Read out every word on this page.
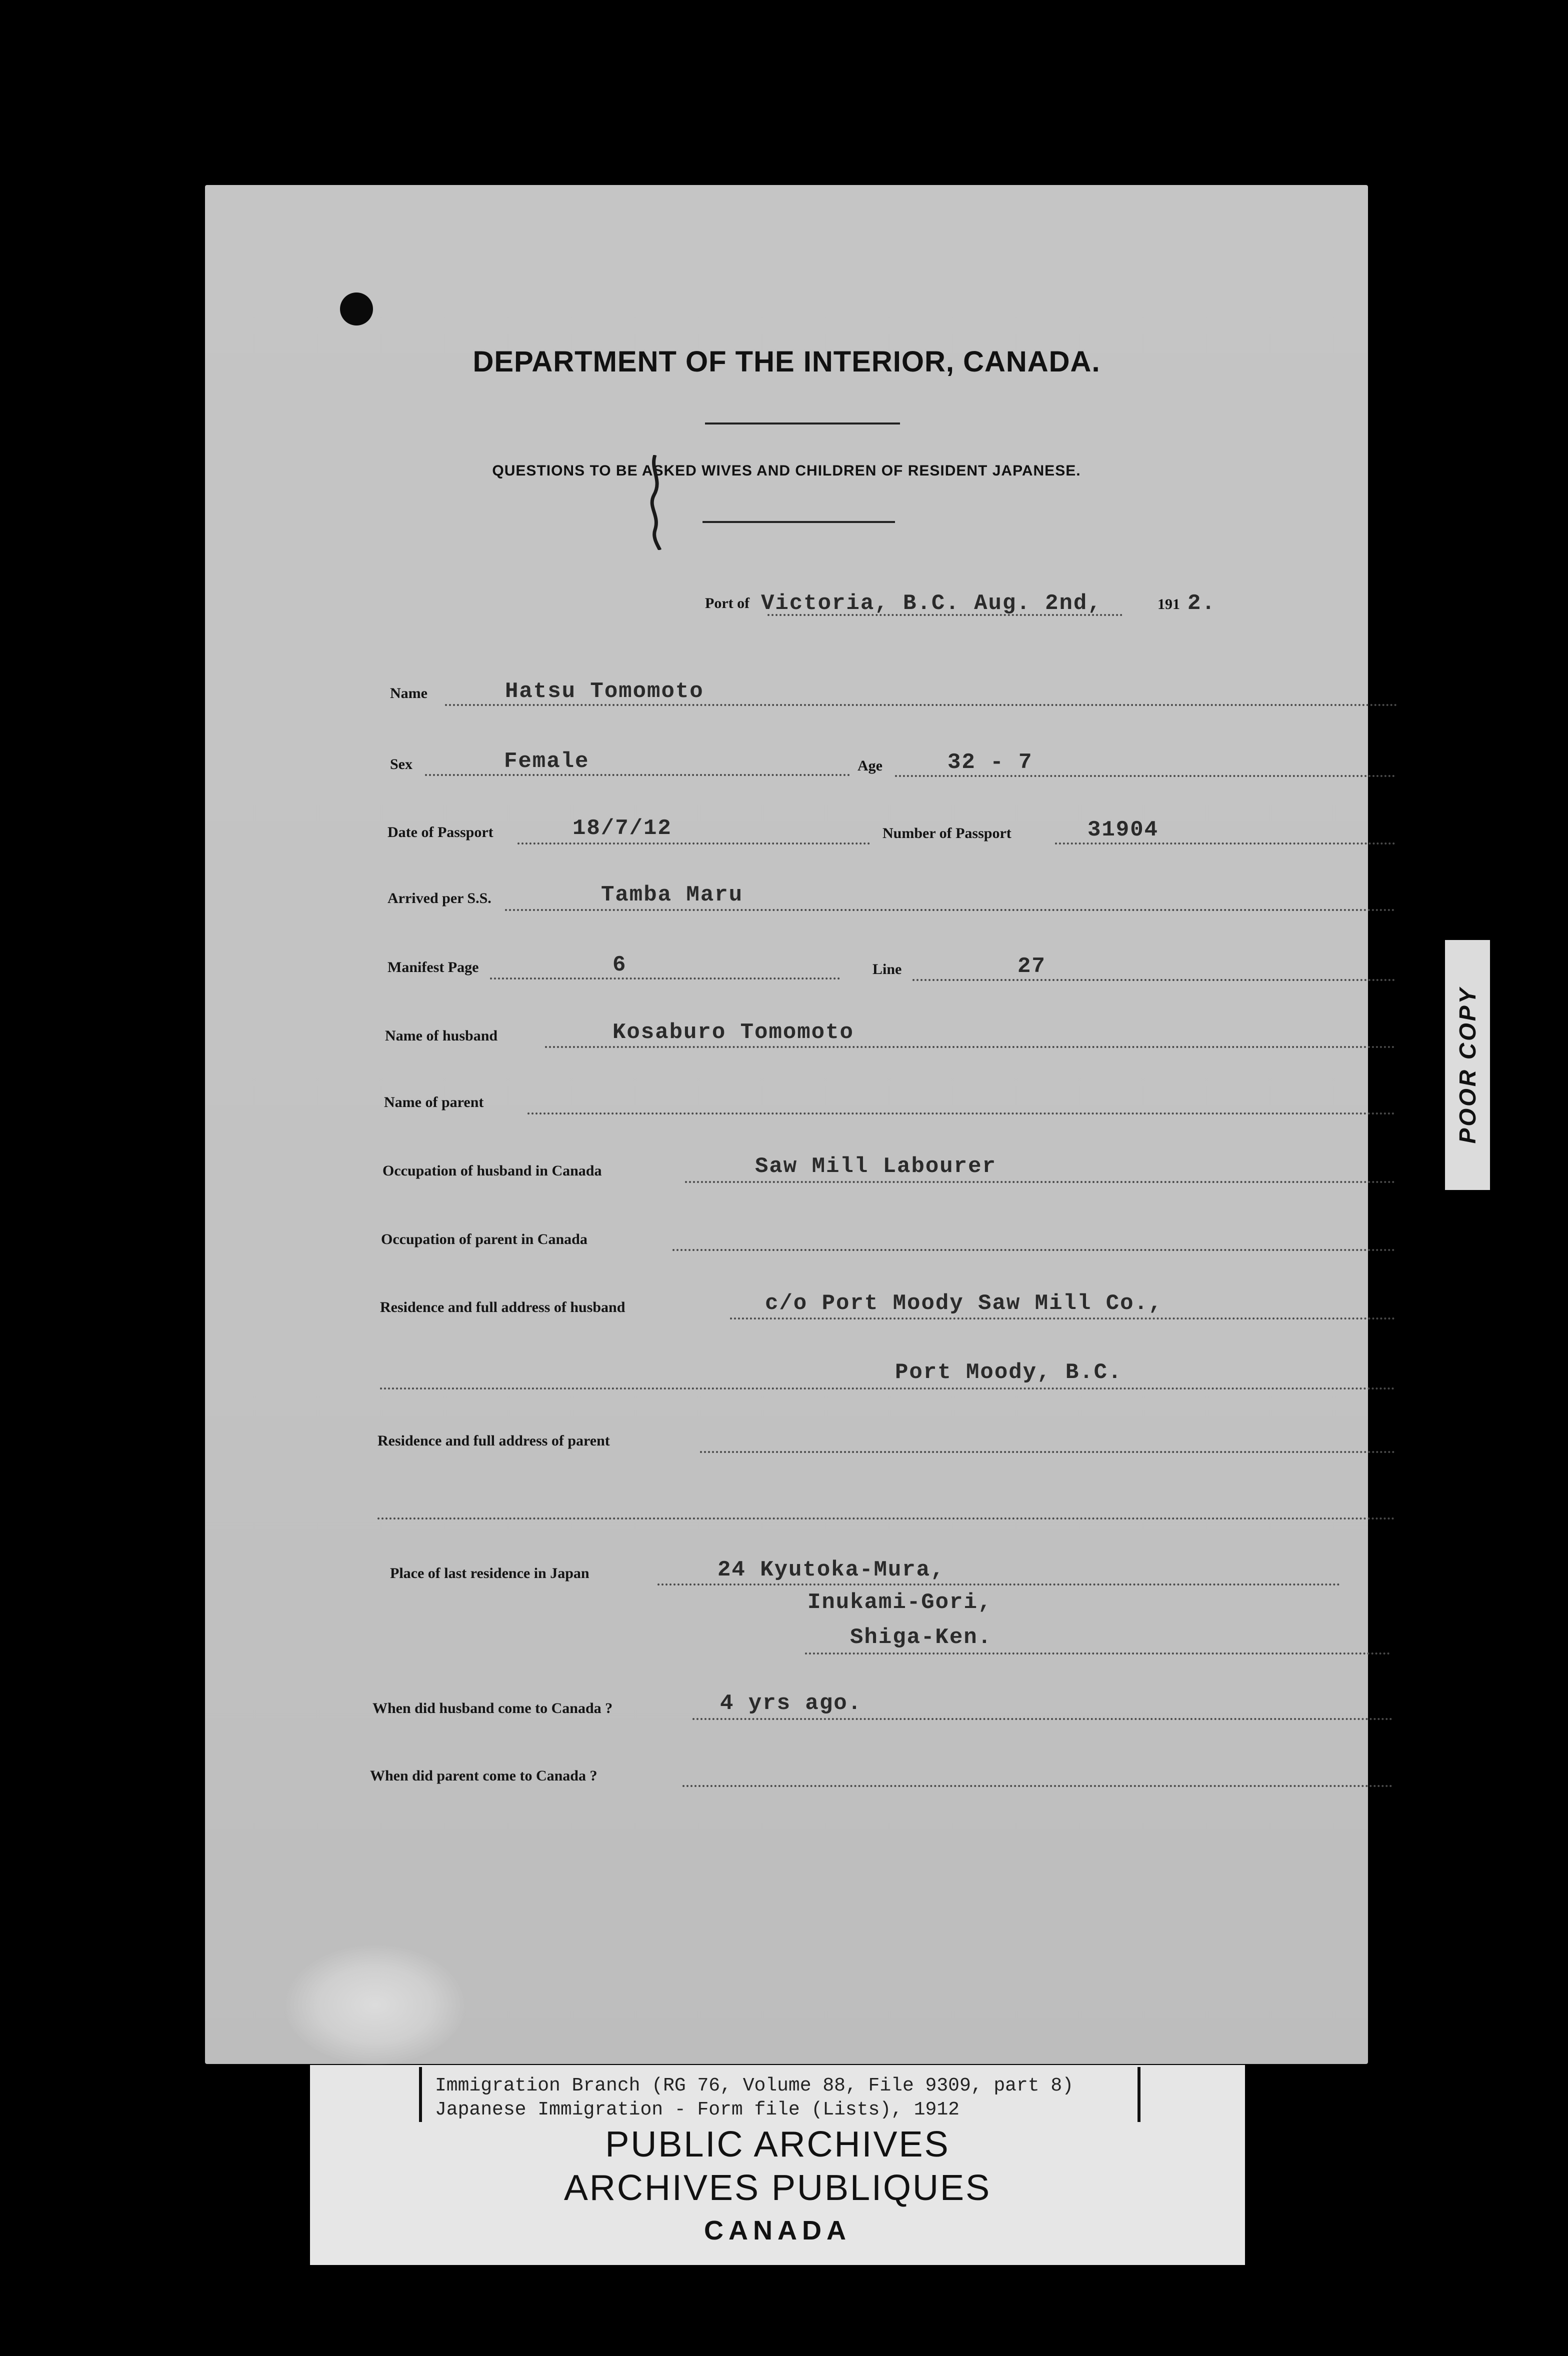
DEPARTMENT OF THE INTERIOR, CANADA.
QUESTIONS TO BE ASKED WIVES AND CHILDREN OF RESIDENT JAPANESE.
Port of Victoria, B.C. Aug. 2nd,	191 2.
Name	Hatsu Tomomoto
Sex	Female	Age	32 - 7
Date of Passport	18/7/12	Number of Passport	31904
Arrived per S.S.	Tamba Maru
Manifest Page	6	Line	27
Name of husband	Kosaburo Tomomoto
Name of parent
Occupation of husband in Canada	Saw Mill Labourer
Occupation of parent in Canada
Residence and full address of husband	c/o Port Moody Saw Mill Co.,
Port Moody, B.C.
Residence and full address of parent
Place of last residence in Japan	24 Kyutoka-Mura,
Inukami-Gori,
Shiga-Ken.
When did husband come to Canada ?	4 yrs ago.
When did parent come to Canada ?
POOR COPY
Immigration Branch (RG 76, Volume 88, File 9309, part 8)
Japanese Immigration - Form file (Lists), 1912
PUBLIC ARCHIVES
ARCHIVES PUBLIQUES
CANADA
